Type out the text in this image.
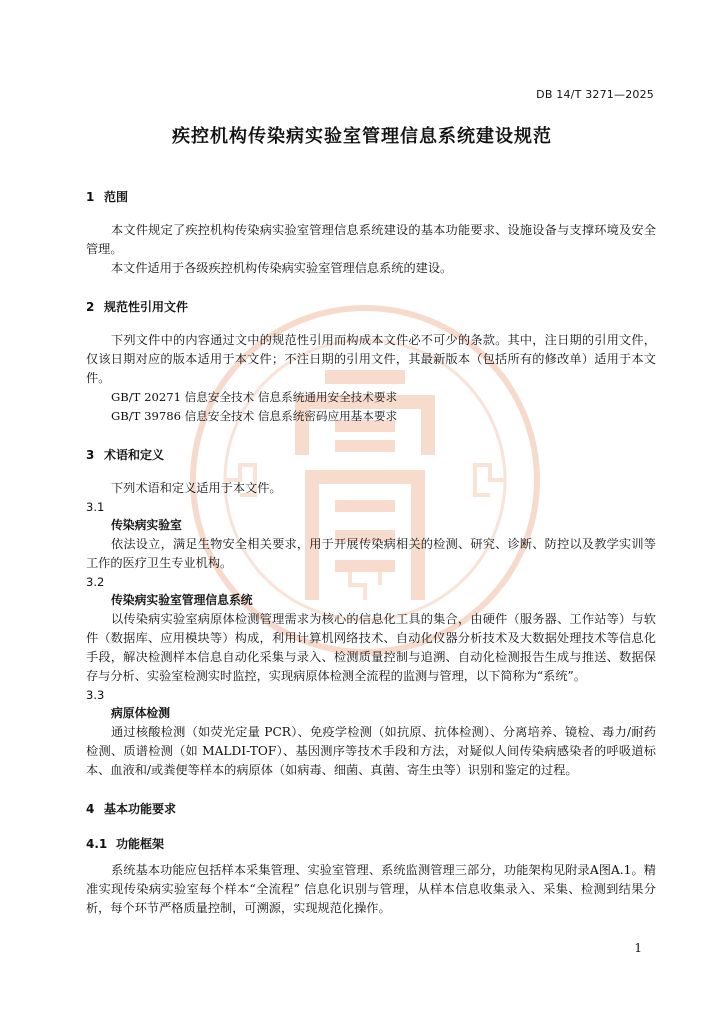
DB 14/T 3271—2025
疾控机构传染病实验室管理信息系统建设规范
1 范围

本文件规定了疾控机构传染病实验室管理信息系统建设的基本功能要求、设施设备与支撑环境及安全管理。

本文件适用于各级疾控机构传染病实验室管理信息系统的建设。

2 规范性引用文件

下列文件中的内容通过文中的规范性引用而构成本文件必不可少的条款。其中，注日期的引用文件，仅该日期对应的版本适用于本文件；不注日期的引用文件，其最新版本（包括所有的修改单）适用于本文件。

GB/T 20271 信息安全技术 信息系统通用安全技术要求

GB/T 39786 信息安全技术 信息系统密码应用基本要求

3 术语和定义

下列术语和定义适用于本文件。

3.1

传染病实验室

依法设立，满足生物安全相关要求，用于开展传染病相关的检测、研究、诊断、防控以及教学实训等工作的医疗卫生专业机构。

3.2

传染病实验室管理信息系统

以传染病实验室病原体检测管理需求为核心的信息化工具的集合，由硬件（服务器、工作站等）与软件（数据库、应用模块等）构成，利用计算机网络技术、自动化仪器分析技术及大数据处理技术等信息化手段，解决检测样本信息自动化采集与录入、检测质量控制与追溯、自动化检测报告生成与推送、数据保存与分析、实验室检测实时监控，实现病原体检测全流程的监测与管理，以下简称为“系统”。

3.3

病原体检测

通过核酸检测（如荧光定量 PCR）、免疫学检测（如抗原、抗体检测）、分离培养、镜检、毒力/耐药检测、质谱检测（如 MALDI-TOF）、基因测序等技术手段和方法，对疑似人间传染病感染者的呼吸道标本、血液和/或粪便等样本的病原体（如病毒、细菌、真菌、寄生虫等）识别和鉴定的过程。

4 基本功能要求
4.1 功能框架

系统基本功能应包括样本采集管理、实验室管理、系统监测管理三部分，功能架构见附录A图A.1。精准实现传染病实验室每个样本“全流程” 信息化识别与管理，从样本信息收集录入、采集、检测到结果分析，每个环节严格质量控制，可溯源，实现规范化操作。

1
